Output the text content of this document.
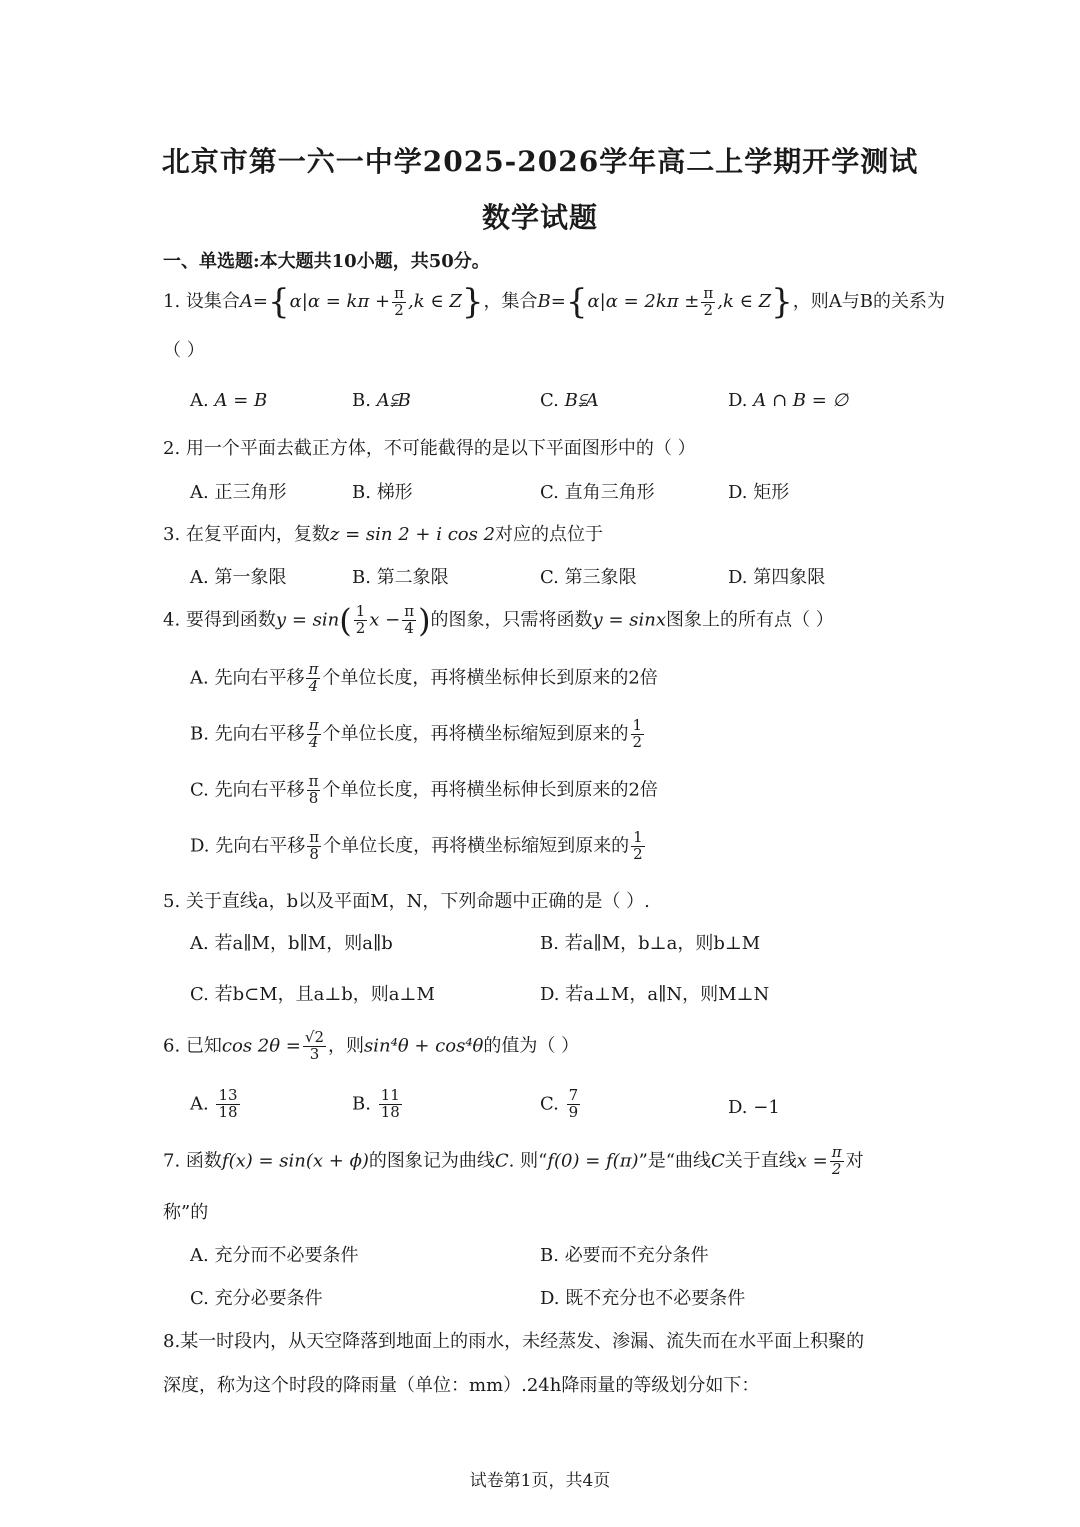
北京市第一六一中学2025-2026学年高二上学期开学测试
数学试题
一、单选题:本大题共10小题，共50分。
1. 设集合$A=\{\alpha|\alpha = k\pi + \frac{\pi}{2} ,k$ ∈ Z}，集合$B=\{\alpha|\alpha = 2k\pi \pm \frac{\pi}{2} ,k$ ∈ Z}，则A与B的关系为
（ ）
A. A = B	B. A⫋B	C. B⫋A	D. A ∩ B = ∅
2. 用一个平面去截正方体，不可能截得的是以下平面图形中的（ ）
A. 正三角形	B. 梯形	C. 直角三角形	D. 矩形
3. 在复平面内，复数z = sin 2 + i cos 2对应的点位于
A. 第一象限	B. 第二象限	C. 第三象限	D. 第四象限
4. 要得到函数$y = \sin( \frac{1}{2}$ $x - \frac{\pi}{4}$ )的图象，只需将函数y = sinx图象上的所有点（ ）
A. 先向右平移 $\frac{\pi}{4}$ 个单位长度，再将横坐标伸长到原来的2倍
B. 先向右平移 $\frac{\pi}{4}$ 个单位长度，再将横坐标缩短到原来的 $\frac{1}{2}$
C. 先向右平移 $\frac{\pi}{8}$ 个单位长度，再将横坐标伸长到原来的2倍
D. 先向右平移 $\frac{\pi}{8}$ 个单位长度，再将横坐标缩短到原来的 $\frac{1}{2}$
5. 关于直线a，b以及平面M，N，下列命题中正确的是（ ）.
A. 若a∥M，b∥M，则a∥b	B. 若a∥M，b⊥a，则b⊥M
C. 若b⊂M，且a⊥b，则a⊥M	D. 若a⊥M，a∥N，则M⊥N
6. 已知$\cos 2\theta = \frac{√2}{3}$ ，则sin⁴θ + cos⁴θ的值为（ ）
A. $\frac{13}{18}$	B. $\frac{11}{18}$	C. $\frac{7}{9}$	D. −1
7. 函数f(x) = sin(x + ϕ)的图象记为曲线C. 则“f(0) = f(π)”是“曲线C关于直线$x = \frac{\pi}{2}$ 对
称”的
A. 充分而不必要条件	B. 必要而不充分条件
C. 充分必要条件	D. 既不充分也不必要条件
8.某一时段内，从天空降落到地面上的雨水，未经蒸发、渗漏、流失而在水平面上积聚的
深度，称为这个时段的降雨量（单位：mm）.24h降雨量的等级划分如下：
试卷第1页，共4页
